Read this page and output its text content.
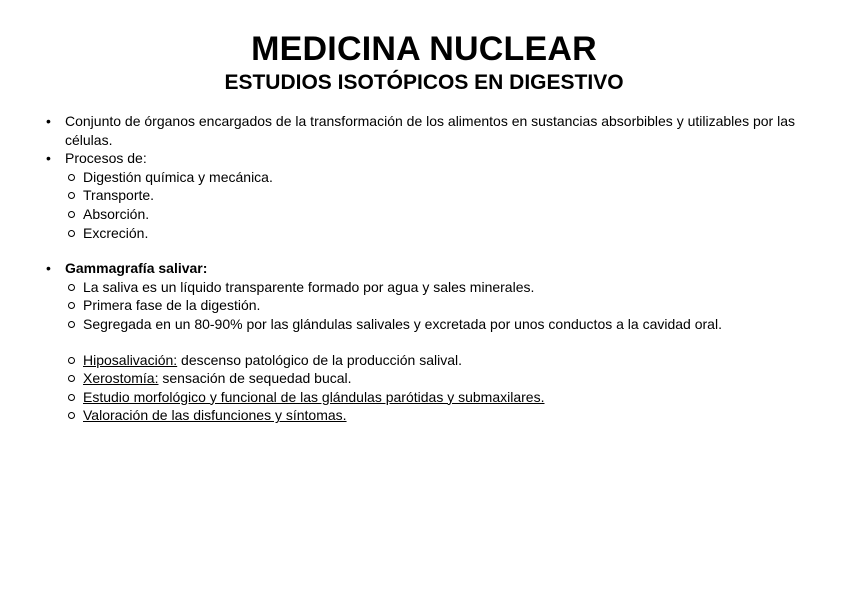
MEDICINA NUCLEAR
ESTUDIOS ISOTÓPICOS EN DIGESTIVO
• Conjunto de órganos encargados de la transformación de los alimentos en sustancias absorbibles y utilizables por las células.
• Procesos de:
Digestión química y mecánica.
Transporte.
Absorción.
Excreción.
• Gammagrafía salivar:
La saliva es un líquido transparente formado por agua y sales minerales.
Primera fase de la digestión.
Segregada en un 80-90% por las glándulas salivales y excretada por unos conductos a la cavidad oral.
Hiposalivación: descenso patológico de la producción salival.
Xerostomía: sensación de sequedad bucal.
Estudio morfológico y funcional de las glándulas parótidas y submaxilares.
Valoración de las disfunciones y síntomas.
